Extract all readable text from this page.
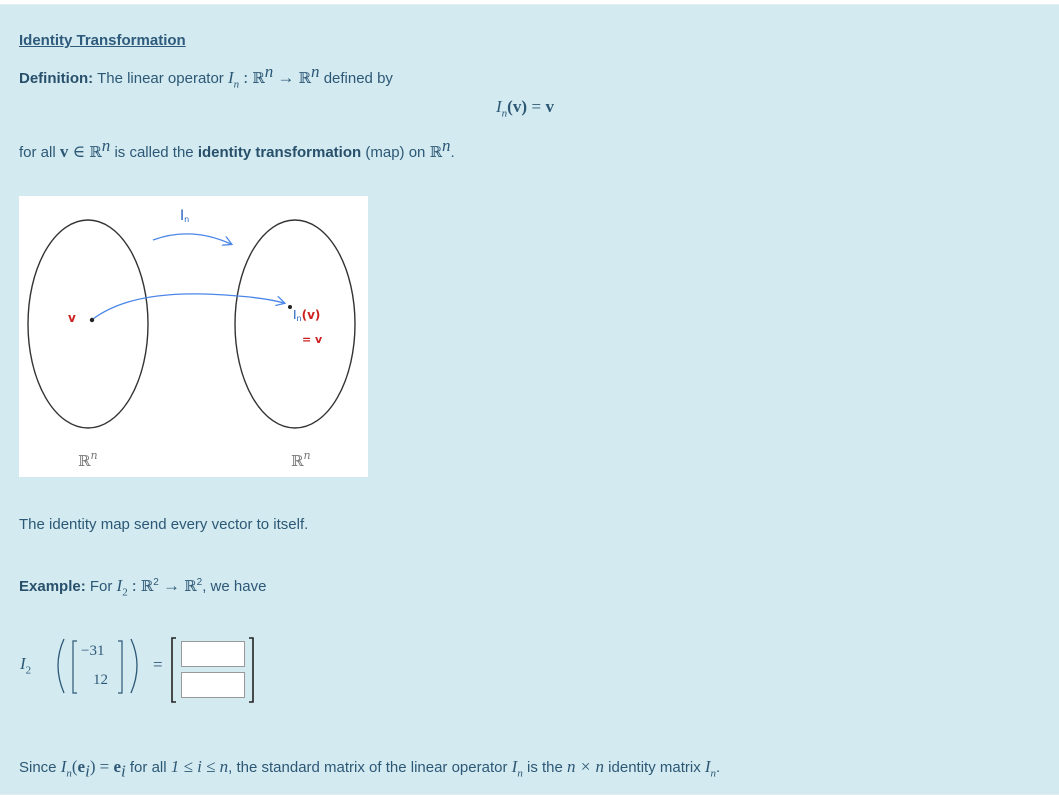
Identity Transformation
Definition: The linear operator $I_n$ : ℝ$^n$ → ℝ$^n$ defined by
$I_n(v) = v$
for all v ∈ ℝ$^n$ is called the identity transformation (map) on ℝ$^n$.
In
v	In(v)
= v
ℝ$^n$	ℝ$^n$
The identity map send every vector to itself.
Example: For $I_2$ : ℝ$^2$ → ℝ$^2$, we have
$I_2$
−31
12
=
Since $I_n(e_i) = e_i$ for all 1 ≤ i ≤ n, the standard matrix of the linear operator $I_n$ is the n × n identity matrix $I_n$.
